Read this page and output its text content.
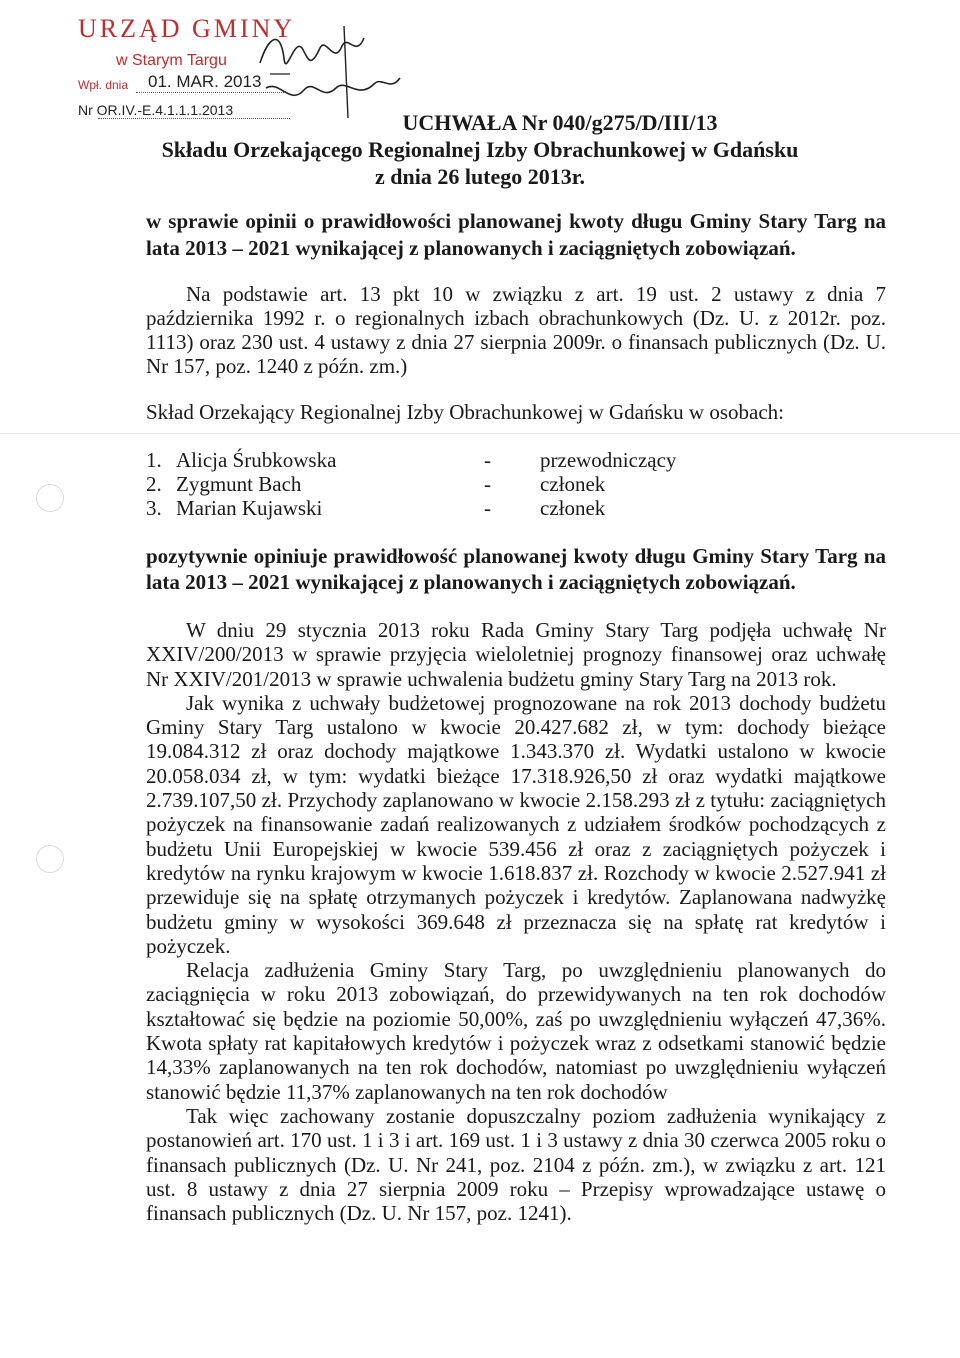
URZĄD GMINY
w Starym Targu
Wpł. dnia 01. MAR. 2013
Nr OR.IV.-E.4.1.1.1.2013	UCHWAŁA Nr 040/g275/D/III/13
Składu Orzekającego Regionalnej Izby Obrachunkowej w Gdańsku
z dnia 26 lutego 2013r.
w sprawie opinii o prawidłowości planowanej kwoty długu Gminy Stary Targ na lata 2013 – 2021 wynikającej z planowanych i zaciągniętych zobowiązań.
Na podstawie art. 13 pkt 10 w związku z art. 19 ust. 2 ustawy z dnia 7 października 1992 r. o regionalnych izbach obrachunkowych (Dz. U. z 2012r. poz. 1113) oraz 230 ust. 4 ustawy z dnia 27 sierpnia 2009r. o finansach publicznych (Dz. U. Nr 157, poz. 1240 z późn. zm.)
Skład Orzekający Regionalnej Izby Obrachunkowej w Gdańsku w osobach:
1. Alicja Śrubkowska	- przewodniczący
2. Zygmunt Bach	- członek
3. Marian Kujawski	- członek
pozytywnie opiniuje prawidłowość planowanej kwoty długu Gminy Stary Targ na lata 2013 – 2021 wynikającej z planowanych i zaciągniętych zobowiązań.

W dniu 29 stycznia 2013 roku Rada Gminy Stary Targ podjęła uchwałę Nr XXIV/200/2013 w sprawie przyjęcia wieloletniej prognozy finansowej oraz uchwałę Nr XXIV/201/2013 w sprawie uchwalenia budżetu gminy Stary Targ na 2013 rok.

Jak wynika z uchwały budżetowej prognozowane na rok 2013 dochody budżetu Gminy Stary Targ ustalono w kwocie 20.427.682 zł, w tym: dochody bieżące 19.084.312 zł oraz dochody majątkowe 1.343.370 zł. Wydatki ustalono w kwocie 20.058.034 zł, w tym: wydatki bieżące 17.318.926,50 zł oraz wydatki majątkowe 2.739.107,50 zł. Przychody zaplanowano w kwocie 2.158.293 zł z tytułu: zaciągniętych pożyczek na finansowanie zadań realizowanych z udziałem środków pochodzących z budżetu Unii Europejskiej w kwocie 539.456 zł oraz z zaciągniętych pożyczek i kredytów na rynku krajowym w kwocie 1.618.837 zł. Rozchody w kwocie 2.527.941 zł przewiduje się na spłatę otrzymanych pożyczek i kredytów. Zaplanowana nadwyżkę budżetu gminy w wysokości 369.648 zł przeznacza się na spłatę rat kredytów i pożyczek.

Relacja zadłużenia Gminy Stary Targ, po uwzględnieniu planowanych do zaciągnięcia w roku 2013 zobowiązań, do przewidywanych na ten rok dochodów kształtować się będzie na poziomie 50,00%, zaś po uwzględnieniu wyłączeń 47,36%. Kwota spłaty rat kapitałowych kredytów i pożyczek wraz z odsetkami stanowić będzie 14,33% zaplanowanych na ten rok dochodów, natomiast po uwzględnieniu wyłączeń stanowić będzie 11,37% zaplanowanych na ten rok dochodów

Tak więc zachowany zostanie dopuszczalny poziom zadłużenia wynikający z postanowień art. 170 ust. 1 i 3 i art. 169 ust. 1 i 3 ustawy z dnia 30 czerwca 2005 roku o finansach publicznych (Dz. U. Nr 241, poz. 2104 z późn. zm.), w związku z art. 121 ust. 8 ustawy z dnia 27 sierpnia 2009 roku – Przepisy wprowadzające ustawę o finansach publicznych (Dz. U. Nr 157, poz. 1241).
